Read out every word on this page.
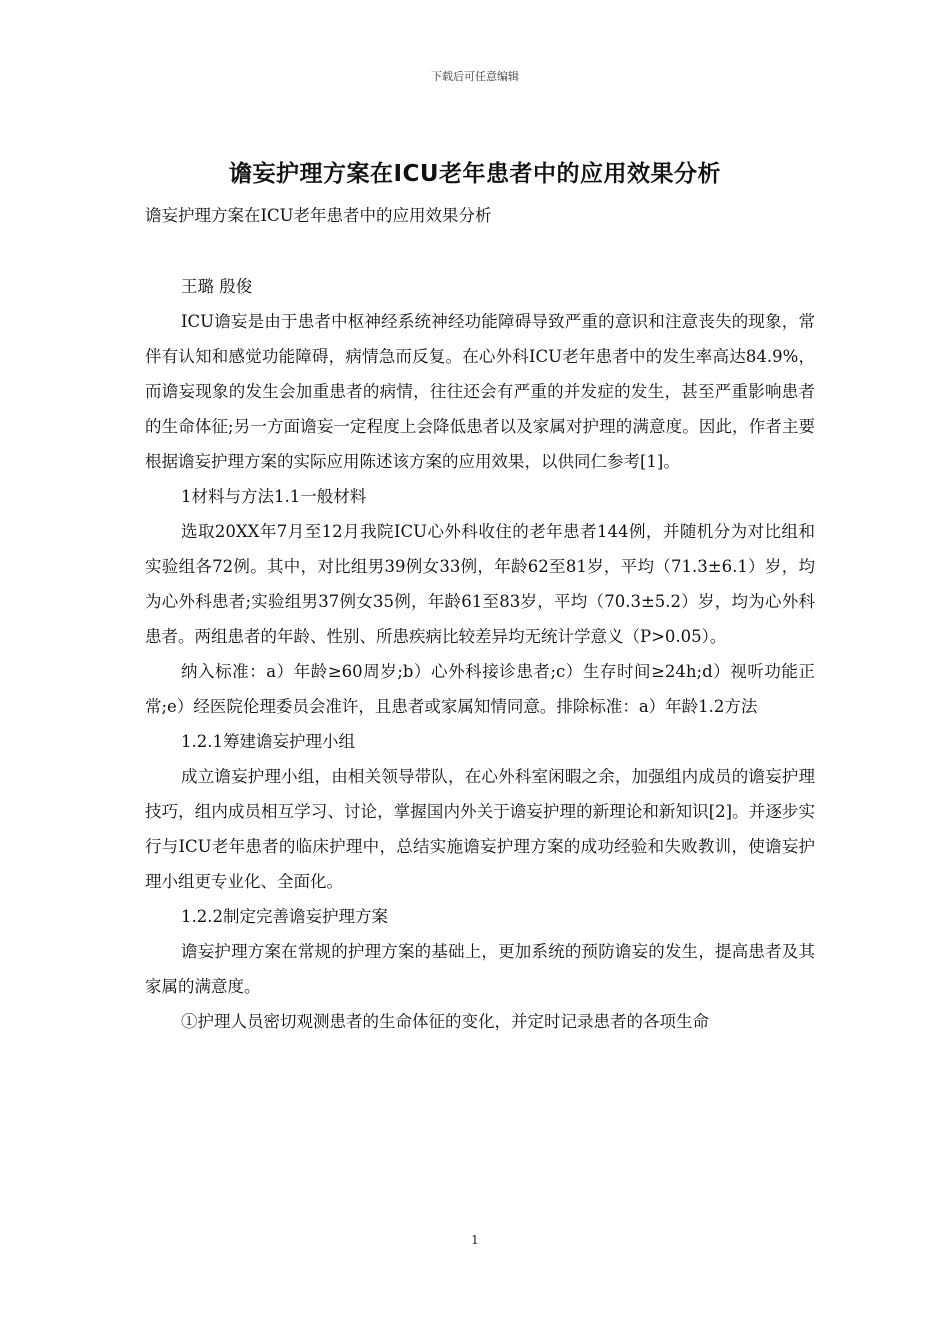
下载后可任意编辑
谵妄护理方案在ICU老年患者中的应用效果分析

谵妄护理方案在ICU老年患者中的应用效果分析

王璐 殷俊

ICU谵妄是由于患者中枢神经系统神经功能障碍导致严重的意识和注意丧失的现象，常伴有认知和感觉功能障碍，病情急而反复。在心外科ICU老年患者中的发生率高达84.9%，而谵妄现象的发生会加重患者的病情，往往还会有严重的并发症的发生，甚至严重影响患者的生命体征;另一方面谵妄一定程度上会降低患者以及家属对护理的满意度。因此，作者主要根据谵妄护理方案的实际应用陈述该方案的应用效果，以供同仁参考[1]。

1材料与方法1.1一般材料

选取20XX年7月至12月我院ICU心外科收住的老年患者144例，并随机分为对比组和实验组各72例。其中，对比组男39例女33例，年龄62至81岁，平均（71.3±6.1）岁，均为心外科患者;实验组男37例女35例，年龄61至83岁，平均（70.3±5.2）岁，均为心外科患者。两组患者的年龄、性别、所患疾病比较差异均无统计学意义（P>0.05）。

纳入标准：a）年龄≥60周岁;b）心外科接诊患者;c）生存时间≥24h;d）视听功能正常;e）经医院伦理委员会准许，且患者或家属知情同意。排除标准：a）年龄1.2方法

1.2.1筹建谵妄护理小组

成立谵妄护理小组，由相关领导带队，在心外科室闲暇之余，加强组内成员的谵妄护理技巧，组内成员相互学习、讨论，掌握国内外关于谵妄护理的新理论和新知识[2]。并逐步实行与ICU老年患者的临床护理中，总结实施谵妄护理方案的成功经验和失败教训，使谵妄护理小组更专业化、全面化。

1.2.2制定完善谵妄护理方案

谵妄护理方案在常规的护理方案的基础上，更加系统的预防谵妄的发生，提高患者及其家属的满意度。

①护理人员密切观测患者的生命体征的变化，并定时记录患者的各项生命

1
